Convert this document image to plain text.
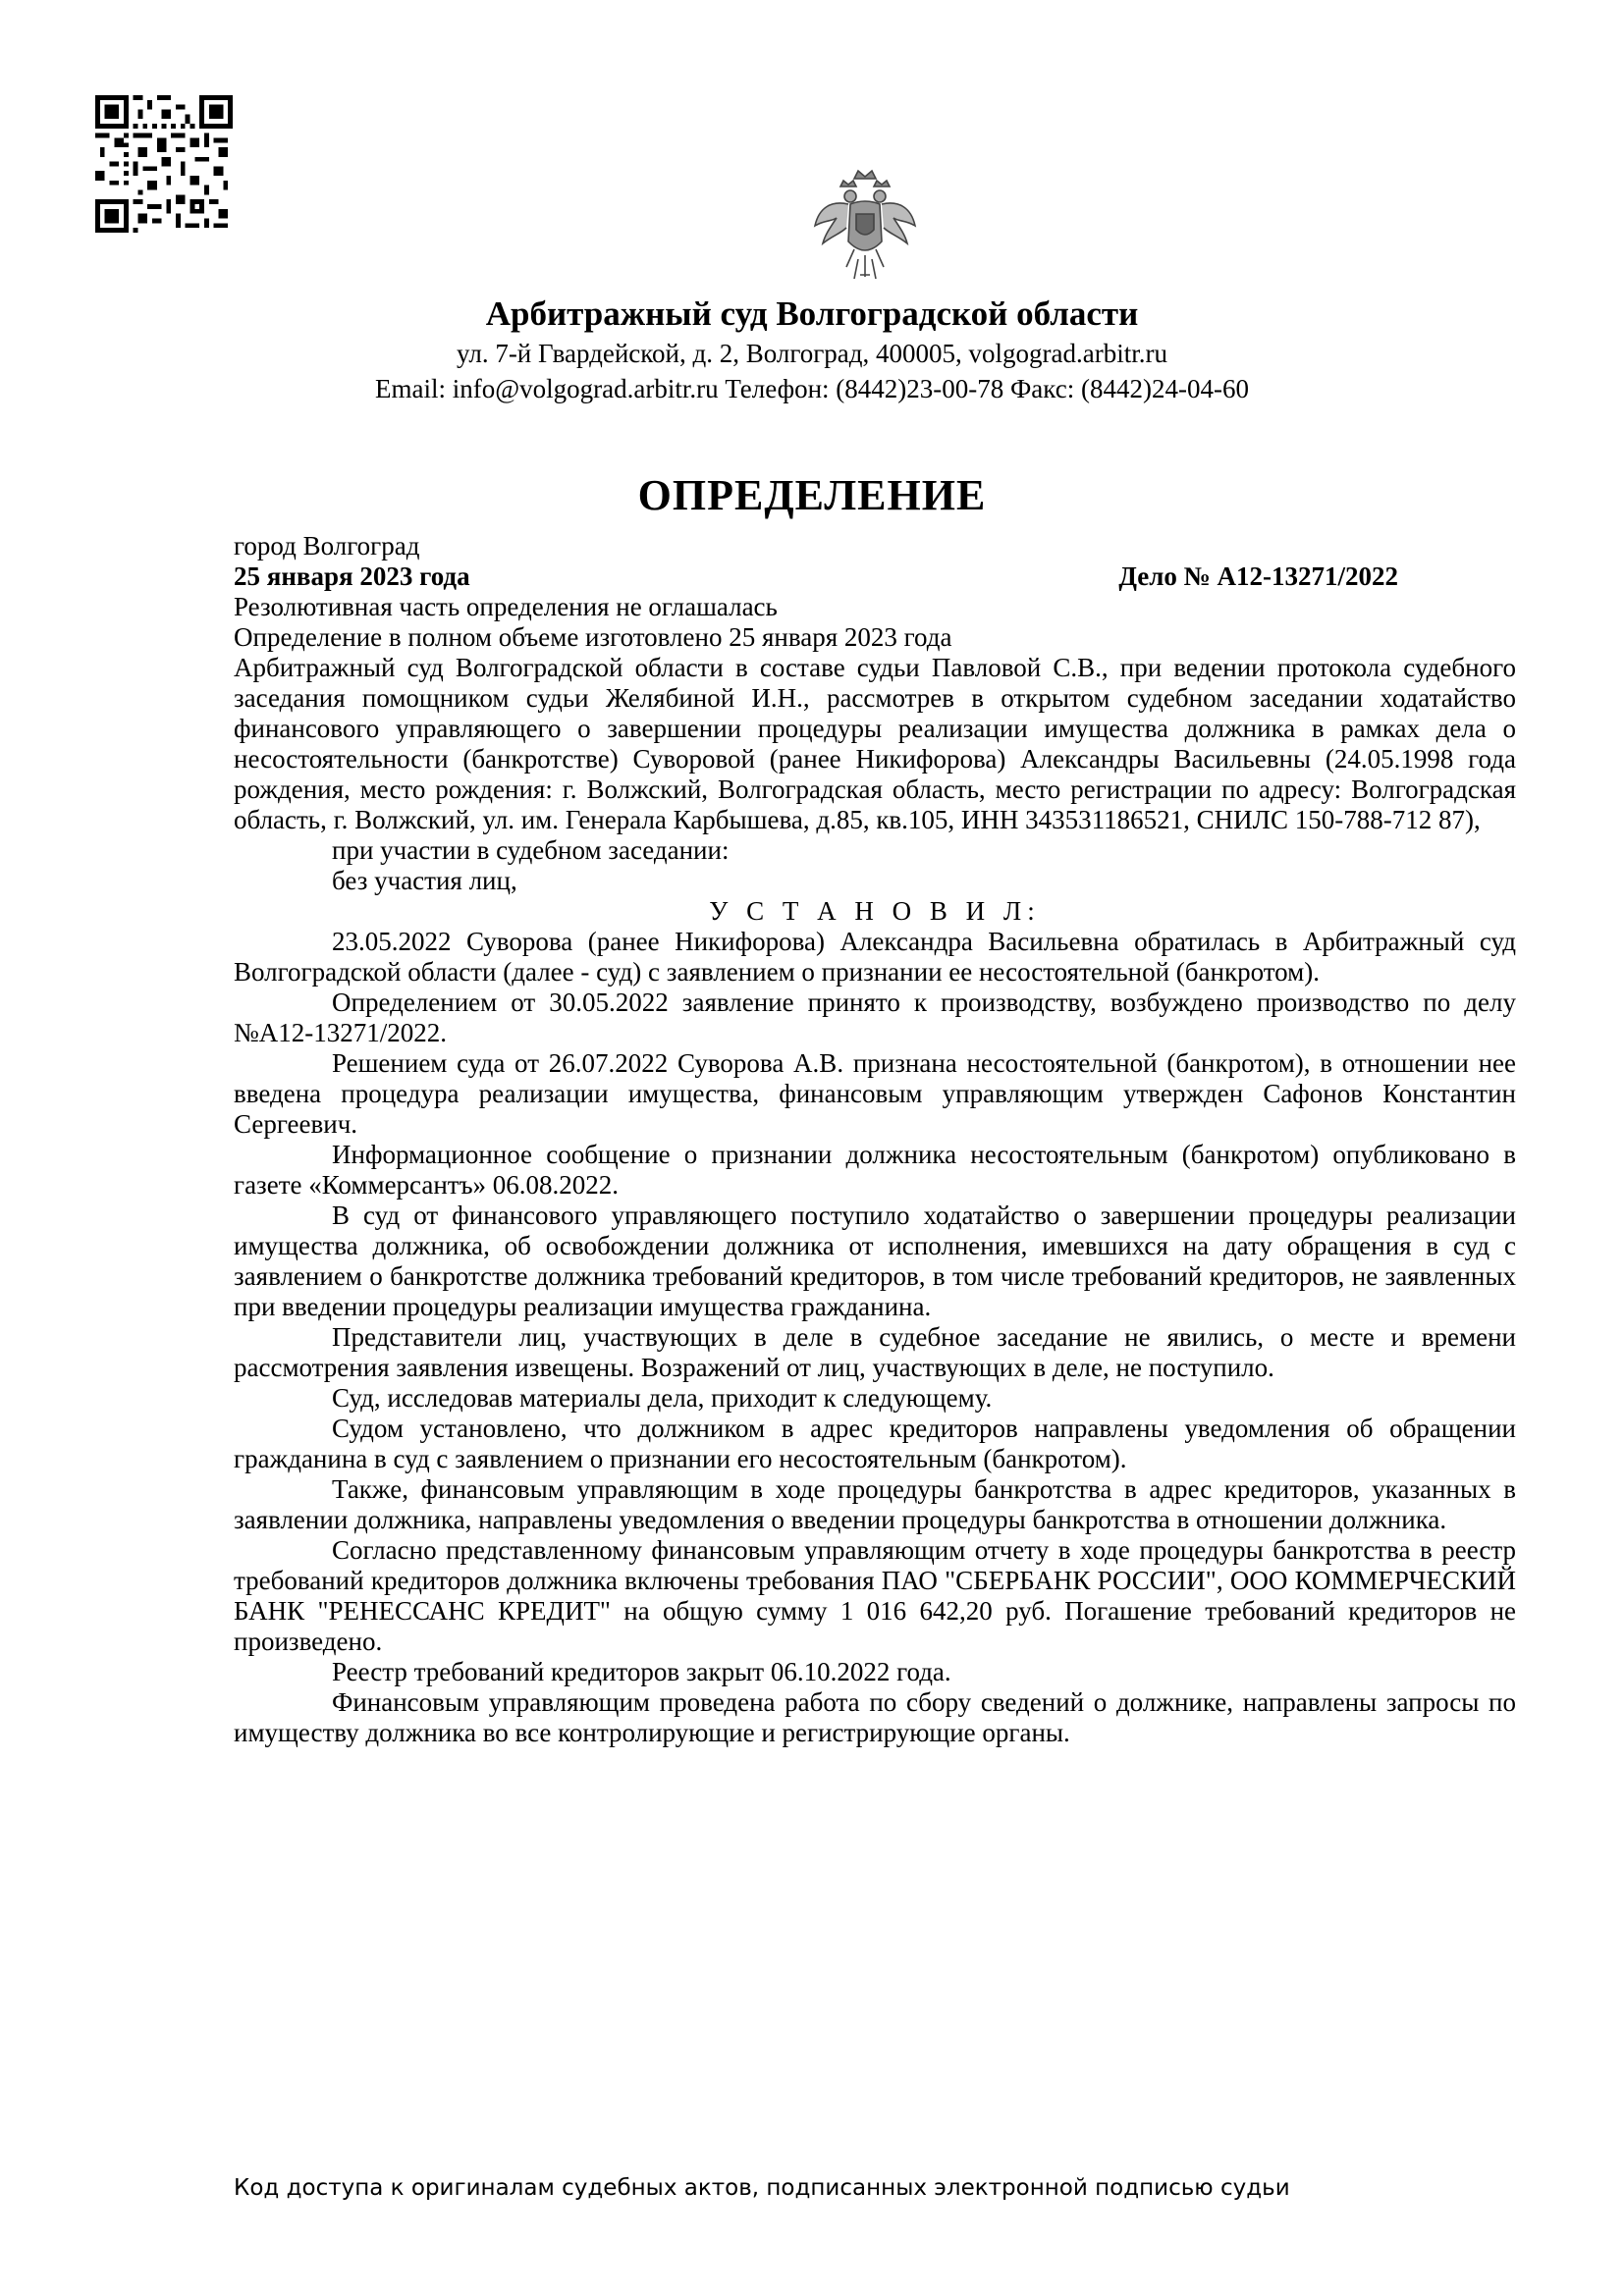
Арбитражный суд Волгоградской области
ул. 7-й Гвардейской, д. 2, Волгоград, 400005, volgograd.arbitr.ru
Email: info@volgograd.arbitr.ru Телефон: (8442)23-00-78 Факс: (8442)24-04-60
ОПРЕДЕЛЕНИЕ
город Волгоград
25 января 2023 года	Дело № А12-13271/2022
Резолютивная часть определения не оглашалась
Определение в полном объеме изготовлено 25 января 2023 года

Арбитражный суд Волгоградской области в составе судьи Павловой С.В., при ведении протокола судебного заседания помощником судьи Желябиной И.Н., рассмотрев в открытом судебном заседании ходатайство финансового управляющего о завершении процедуры реализации имущества должника в рамках дела о несостоятельности (банкротстве) Суворовой (ранее Никифорова) Александры Васильевны (24.05.1998 года рождения, место рождения: г. Волжский, Волгоградская область, место регистрации по адресу: Волгоградская область, г. Волжский, ул. им. Генерала Карбышева, д.85, кв.105, ИНН 343531186521, СНИЛС 150-788-712 87),

при участии в судебном заседании:

без участия лиц,

У С Т А Н О В И Л:

23.05.2022 Суворова (ранее Никифорова) Александра Васильевна обратилась в Арбитражный суд Волгоградской области (далее - суд) с заявлением о признании ее несостоятельной (банкротом).

Определением от 30.05.2022 заявление принято к производству, возбуждено производство по делу №А12-13271/2022.

Решением суда от 26.07.2022 Суворова А.В. признана несостоятельной (банкротом), в отношении нее введена процедура реализации имущества, финансовым управляющим утвержден Сафонов Константин Сергеевич.

Информационное сообщение о признании должника несостоятельным (банкротом) опубликовано в газете «Коммерсантъ» 06.08.2022.

В суд от финансового управляющего поступило ходатайство о завершении процедуры реализации имущества должника, об освобождении должника от исполнения, имевшихся на дату обращения в суд с заявлением о банкротстве должника требований кредиторов, в том числе требований кредиторов, не заявленных при введении процедуры реализации имущества гражданина.

Представители лиц, участвующих в деле в судебное заседание не явились, о месте и времени рассмотрения заявления извещены. Возражений от лиц, участвующих в деле, не поступило.

Суд, исследовав материалы дела, приходит к следующему.

Судом установлено, что должником в адрес кредиторов направлены уведомления об обращении гражданина в суд с заявлением о признании его несостоятельным (банкротом).

Также, финансовым управляющим в ходе процедуры банкротства в адрес кредиторов, указанных в заявлении должника, направлены уведомления о введении процедуры банкротства в отношении должника.

Согласно представленному финансовым управляющим отчету в ходе процедуры банкротства в реестр требований кредиторов должника включены требования ПАО "СБЕРБАНК РОССИИ", ООО КОММЕРЧЕСКИЙ БАНК "РЕНЕССАНС КРЕДИТ" на общую сумму 1 016 642,20 руб. Погашение требований кредиторов не произведено.

Реестр требований кредиторов закрыт 06.10.2022 года.

Финансовым управляющим проведена работа по сбору сведений о должнике, направлены запросы по имуществу должника во все контролирующие и регистрирующие органы.

Код доступа к оригиналам судебных актов, подписанных электронной подписью судьи
